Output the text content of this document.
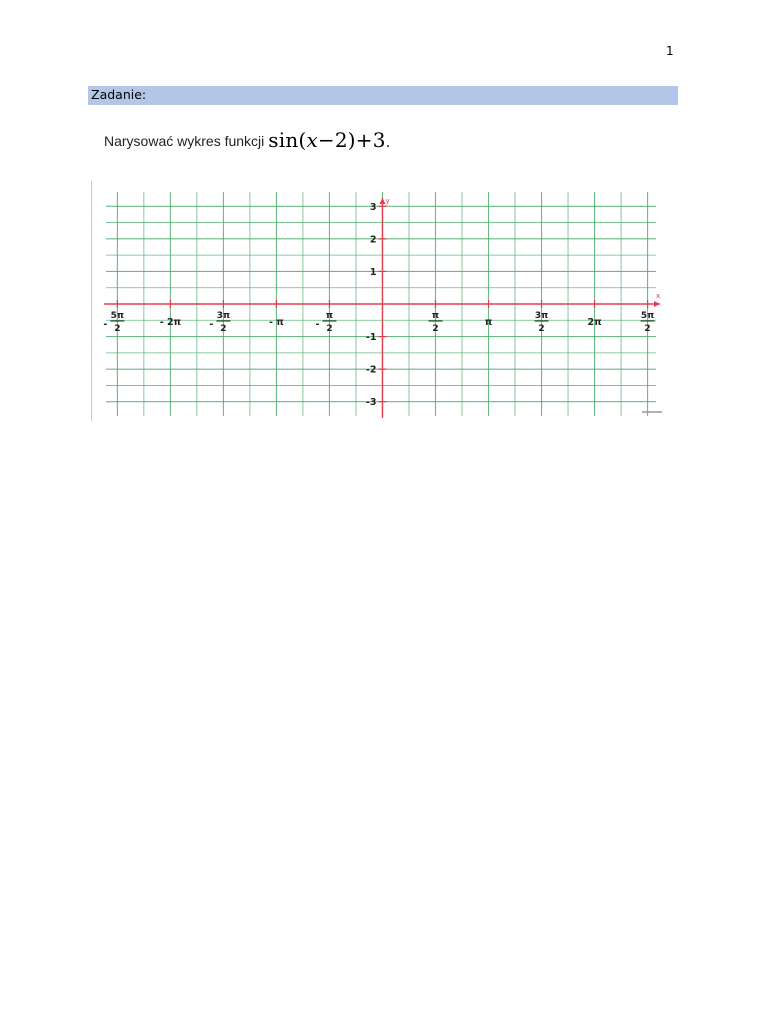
1
Zadanie:
Narysować wykres funkcji sin(x−2)+3.
x
y
3
2
1
-1
-2
-3
-
5π
2
- 2π	-
3π
2
- π	-
π
2
π
2
π
3π
2
2π
5π
2
